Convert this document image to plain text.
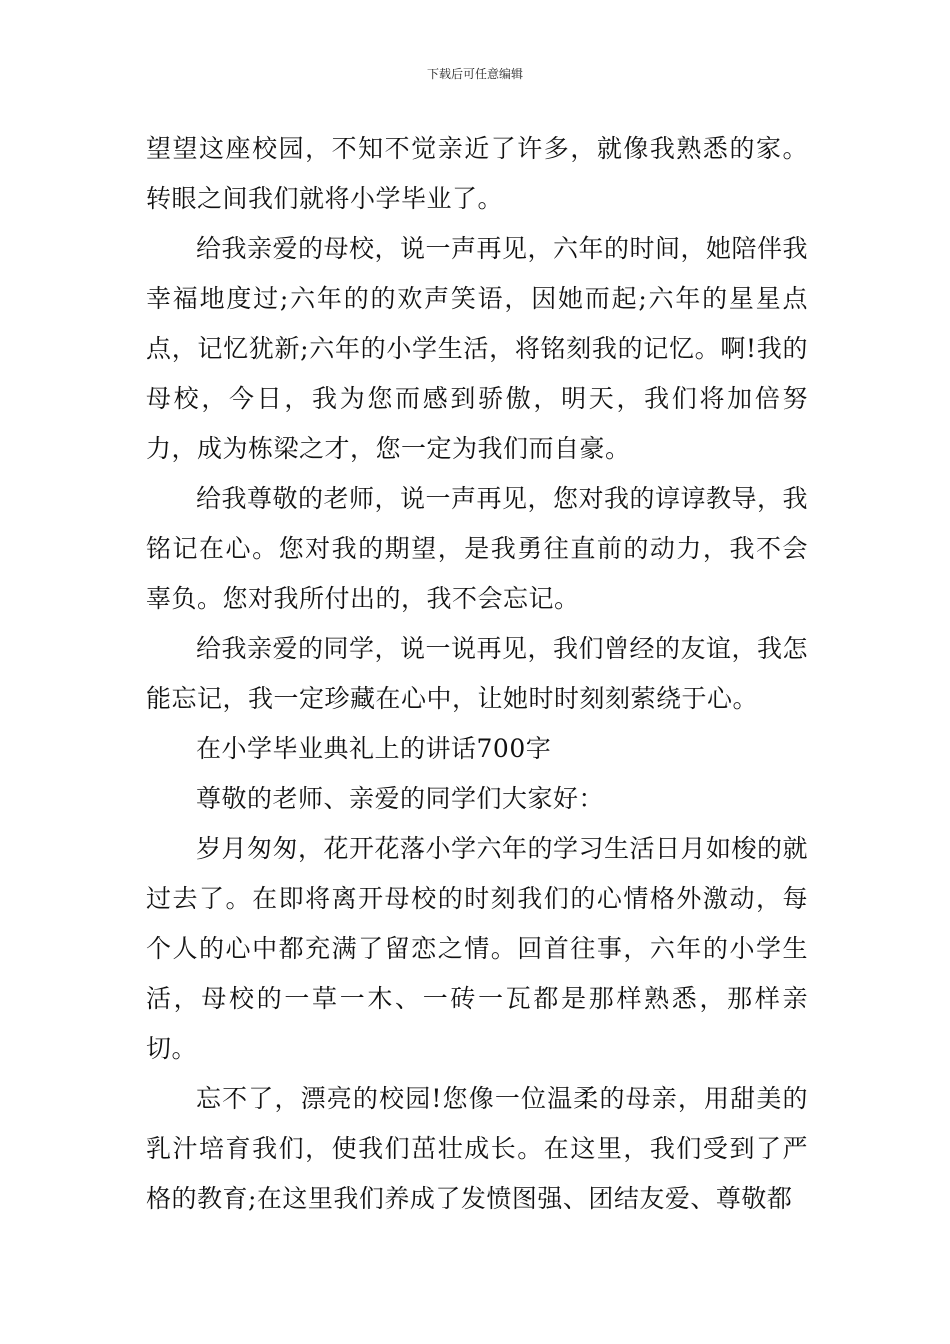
下载后可任意编辑

望望这座校园，不知不觉亲近了许多，就像我熟悉的家。转眼之间我们就将小学毕业了。

给我亲爱的母校，说一声再见，六年的时间，她陪伴我幸福地度过;六年的的欢声笑语，因她而起;六年的星星点点，记忆犹新;六年的小学生活，将铭刻我的记忆。啊!我的母校，今日，我为您而感到骄傲，明天，我们将加倍努力，成为栋梁之才，您一定为我们而自豪。

给我尊敬的老师，说一声再见，您对我的谆谆教导，我铭记在心。您对我的期望，是我勇往直前的动力，我不会辜负。您对我所付出的，我不会忘记。

给我亲爱的同学，说一说再见，我们曾经的友谊，我怎能忘记，我一定珍藏在心中，让她时时刻刻萦绕于心。

在小学毕业典礼上的讲话700字

尊敬的老师、亲爱的同学们大家好：

岁月匆匆，花开花落小学六年的学习生活日月如梭的就过去了。在即将离开母校的时刻我们的心情格外激动，每个人的心中都充满了留恋之情。回首往事，六年的小学生活，母校的一草一木、一砖一瓦都是那样熟悉，那样亲切。

忘不了，漂亮的校园!您像一位温柔的母亲，用甜美的乳汁培育我们，使我们茁壮成长。在这里，我们受到了严格的教育;在这里我们养成了发愤图强、团结友爱、尊敬都
